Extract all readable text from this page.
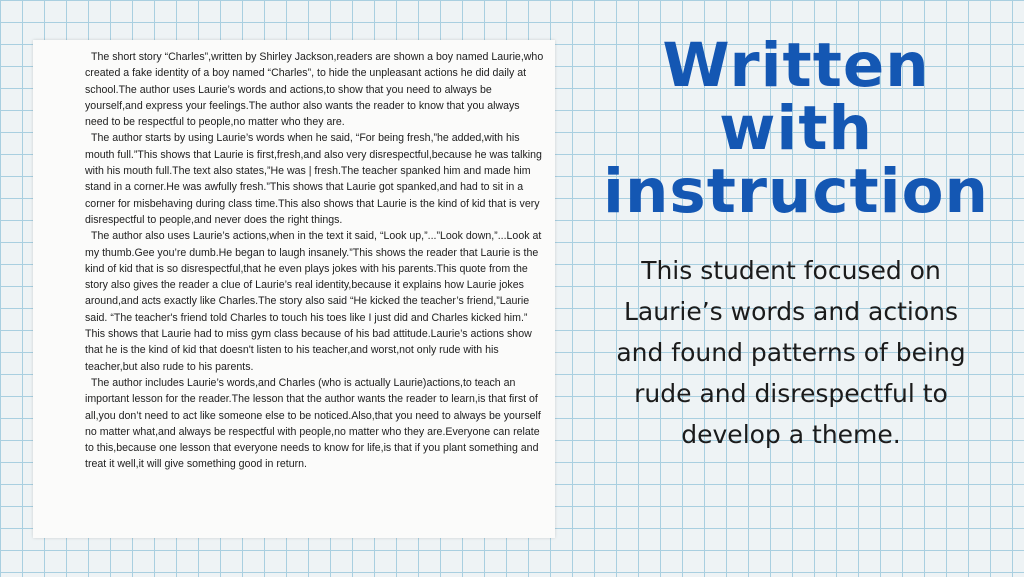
The short story “Charles”,written by Shirley Jackson,readers are shown a boy named Laurie,who created a fake identity of a boy named “Charles”, to hide the unpleasant actions he did daily at school.The author uses Laurie’s words and actions,to show that you need to always be yourself,and express your feelings.The author also wants the reader to know that you always need to be respectful to people,no matter who they are.

The author starts by using Laurie’s words when he said, “For being fresh,”he added,with his mouth full.”This shows that Laurie is first,fresh,and also very disrespectful,because he was talking with his mouth full.The text also states,”He was | fresh.The teacher spanked him and made him stand in a corner.He was awfully fresh.”This shows that Laurie got spanked,and had to sit in a corner for misbehaving during class time.This also shows that Laurie is the kind of kid that is very disrespectful to people,and never does the right things.

The author also uses Laurie’s actions,when in the text it said, “Look up,”...”Look down,”...Look at my thumb.Gee you’re dumb.He began to laugh insanely.”This shows the reader that Laurie is the kind of kid that is so disrespectful,that he even plays jokes with his parents.This quote from the story also gives the reader a clue of Laurie’s real identity,because it explains how Laurie jokes around,and acts exactly like Charles.The story also said “He kicked the teacher’s friend,”Laurie said. “The teacher's friend told Charles to touch his toes like I just did and Charles kicked him.” This shows that Laurie had to miss gym class because of his bad attitude.Laurie’s actions show that he is the kind of kid that doesn't listen to his teacher,and worst,not only rude with his teacher,but also rude to his parents.

The author includes Laurie’s words,and Charles (who is actually Laurie)actions,to teach an important lesson for the reader.The lesson that the author wants the reader to learn,is that first of all,you don’t need to act like someone else to be noticed.Also,that you need to always be yourself no matter what,and always be respectful with people,no matter who they are.Everyone can relate to this,because one lesson that everyone needs to know for life,is that if you plant something and treat it well,it will give something good in return.

Written
with
instruction
This student focused on
Laurie’s words and actions
and found patterns of being
rude and disrespectful to
develop a theme.
